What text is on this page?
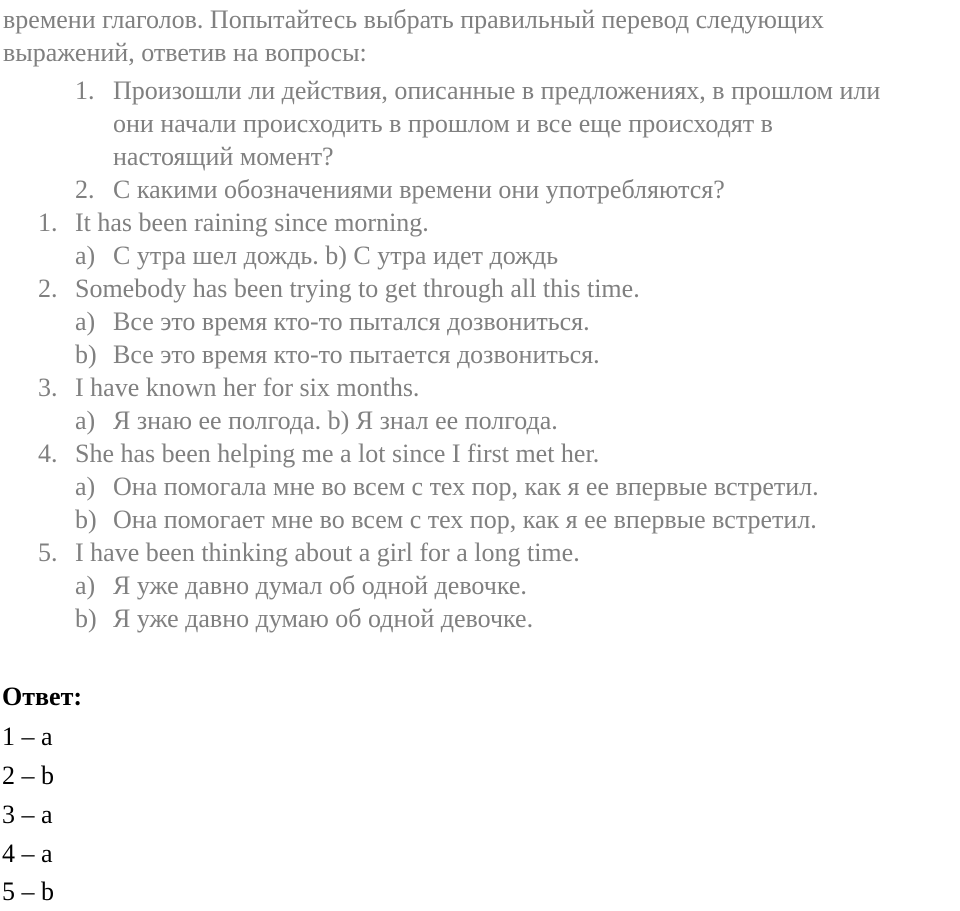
времени глаголов. Попытайтесь выбрать правильный перевод следующих
выражений, ответив на вопросы:
1. Произошли ли действия, описанные в предложениях, в прошлом или
они начали происходить в прошлом и все еще происходят в
настоящий момент?
2. С какими обозначениями времени они употребляются?
1. It has been raining since morning.
a) С утра шел дождь. b) С утра идет дождь
2. Somebody has been trying to get through all this time.
a) Все это время кто-то пытался дозвониться.
b) Все это время кто-то пытается дозвониться.
3. I have known her for six months.
a) Я знаю ее полгода. b) Я знал ее полгода.
4. She has been helping me a lot since I first met her.
a) Она помогала мне во всем с тех пор, как я ее впервые встретил.
b) Она помогает мне во всем с тех пор, как я ее впервые встретил.
5. I have been thinking about a girl for a long time.
a) Я уже давно думал об одной девочке.
b) Я уже давно думаю об одной девочке.
Ответ:
1 – a
2 – b
3 – a
4 – a
5 – b
